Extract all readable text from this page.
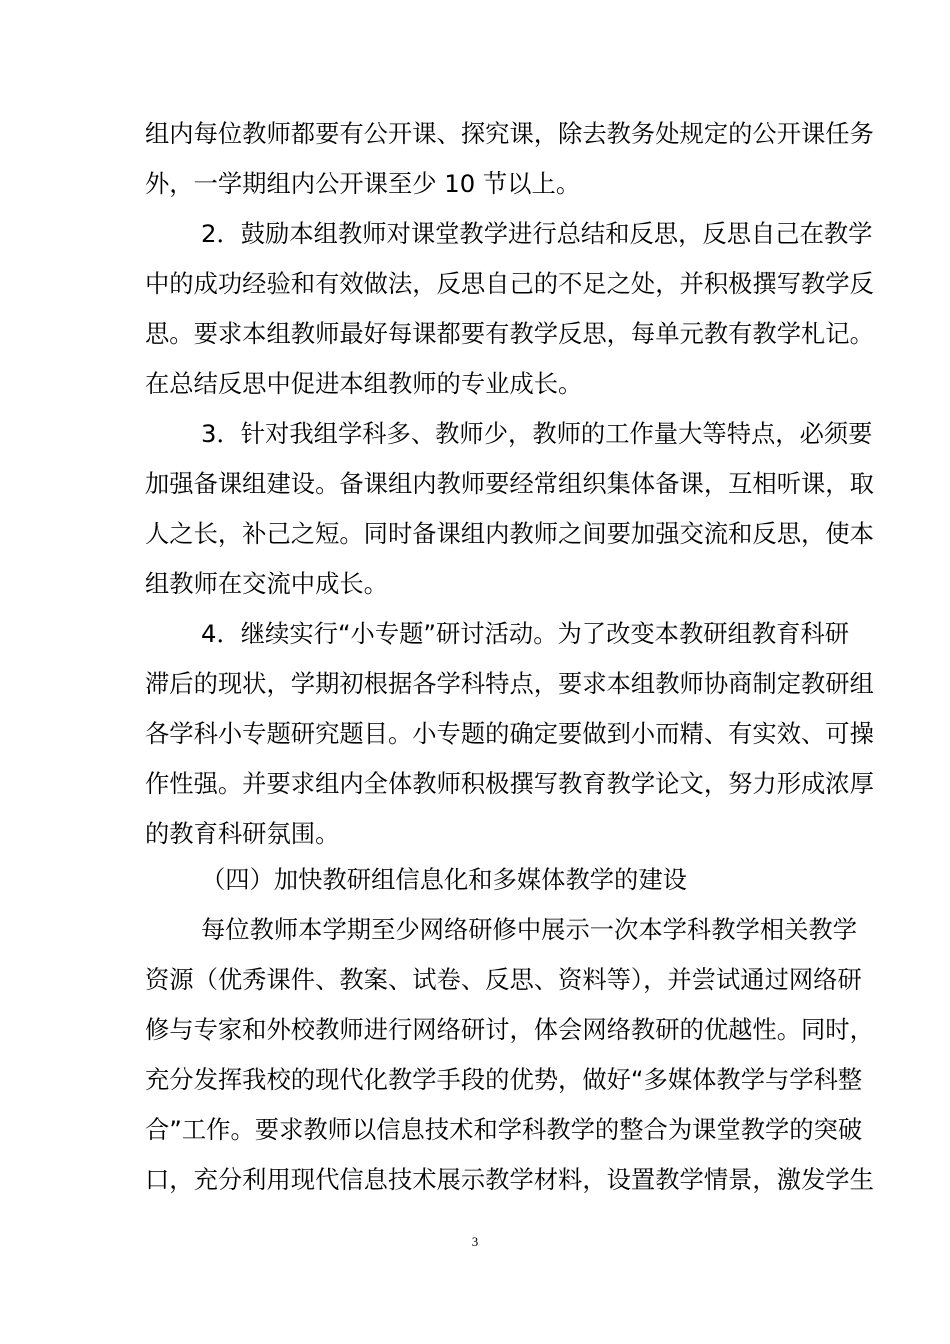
组内每位教师都要有公开课、探究课，除去教务处规定的公开课任务
外，一学期组内公开课至少 10 节以上。
2．鼓励本组教师对课堂教学进行总结和反思，反思自己在教学
中的成功经验和有效做法，反思自己的不足之处，并积极撰写教学反
思。要求本组教师最好每课都要有教学反思，每单元教有教学札记。
在总结反思中促进本组教师的专业成长。
3．针对我组学科多、教师少，教师的工作量大等特点，必须要
加强备课组建设。备课组内教师要经常组织集体备课，互相听课，取
人之长，补己之短。同时备课组内教师之间要加强交流和反思，使本
组教师在交流中成长。
4．继续实行“小专题”研讨活动。为了改变本教研组教育科研
滞后的现状，学期初根据各学科特点，要求本组教师协商制定教研组
各学科小专题研究题目。小专题的确定要做到小而精、有实效、可操
作性强。并要求组内全体教师积极撰写教育教学论文，努力形成浓厚
的教育科研氛围。
（四）加快教研组信息化和多媒体教学的建设
每位教师本学期至少网络研修中展示一次本学科教学相关教学
资源（优秀课件、教案、试卷、反思、资料等），并尝试通过网络研
修与专家和外校教师进行网络研讨，体会网络教研的优越性。同时，
充分发挥我校的现代化教学手段的优势，做好“多媒体教学与学科整
合”工作。要求教师以信息技术和学科教学的整合为课堂教学的突破
口，充分利用现代信息技术展示教学材料，设置教学情景，激发学生
3
